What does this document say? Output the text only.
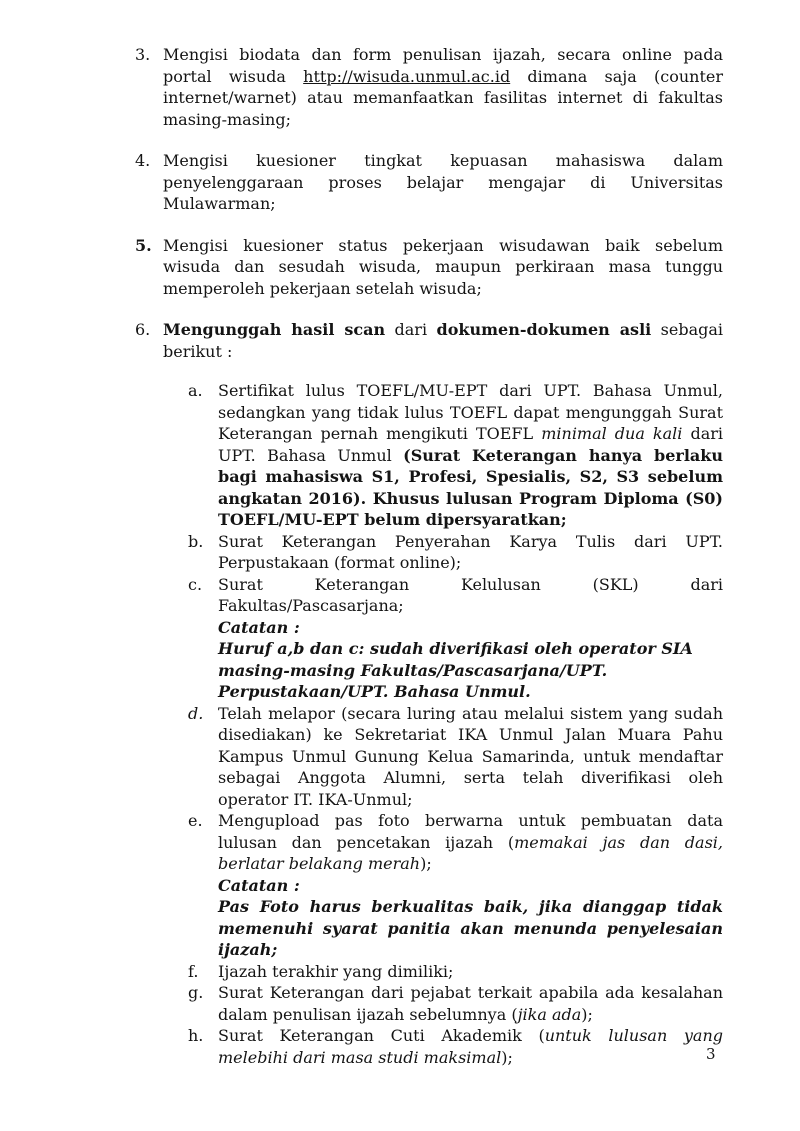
3. Mengisi biodata dan form penulisan ijazah, secara online pada portal wisuda http://wisuda.unmul.ac.id dimana saja (counter internet/warnet) atau memanfaatkan fasilitas internet di fakultas masing-masing;
4. Mengisi kuesioner tingkat kepuasan mahasiswa dalam penyelenggaraan proses belajar mengajar di Universitas Mulawarman;
5. Mengisi kuesioner status pekerjaan wisudawan baik sebelum wisuda dan sesudah wisuda, maupun perkiraan masa tunggu memperoleh pekerjaan setelah wisuda;
6. Mengunggah hasil scan dari dokumen-dokumen asli sebagai berikut :
a. Sertifikat lulus TOEFL/MU-EPT dari UPT. Bahasa Unmul, sedangkan yang tidak lulus TOEFL dapat mengunggah Surat Keterangan pernah mengikuti TOEFL minimal dua kali dari UPT. Bahasa Unmul (Surat Keterangan hanya berlaku bagi mahasiswa S1, Profesi, Spesialis, S2, S3 sebelum angkatan 2016). Khusus lulusan Program Diploma (S0) TOEFL/MU-EPT belum dipersyaratkan;
b. Surat Keterangan Penyerahan Karya Tulis dari UPT. Perpustakaan (format online);
c. Surat Keterangan Kelulusan (SKL) dari Fakultas/Pascasarjana;
Catatan :
Huruf a,b dan c: sudah diverifikasi oleh operator SIA
masing-masing Fakultas/Pascasarjana/UPT.
Perpustakaan/UPT. Bahasa Unmul.
d. Telah melapor (secara luring atau melalui sistem yang sudah disediakan) ke Sekretariat IKA Unmul Jalan Muara Pahu Kampus Unmul Gunung Kelua Samarinda, untuk mendaftar sebagai Anggota Alumni, serta telah diverifikasi oleh operator IT. IKA-Unmul;
e. Mengupload pas foto berwarna untuk pembuatan data lulusan dan pencetakan ijazah (memakai jas dan dasi, berlatar belakang merah);
Catatan :
Pas Foto harus berkualitas baik, jika dianggap tidak memenuhi syarat panitia akan menunda penyelesaian ijazah;
f.	Ijazah terakhir yang dimiliki;
g. Surat Keterangan dari pejabat terkait apabila ada kesalahan dalam penulisan ijazah sebelumnya (jika ada);
h. Surat Keterangan Cuti Akademik (untuk lulusan yang melebihi dari masa studi maksimal);	3
